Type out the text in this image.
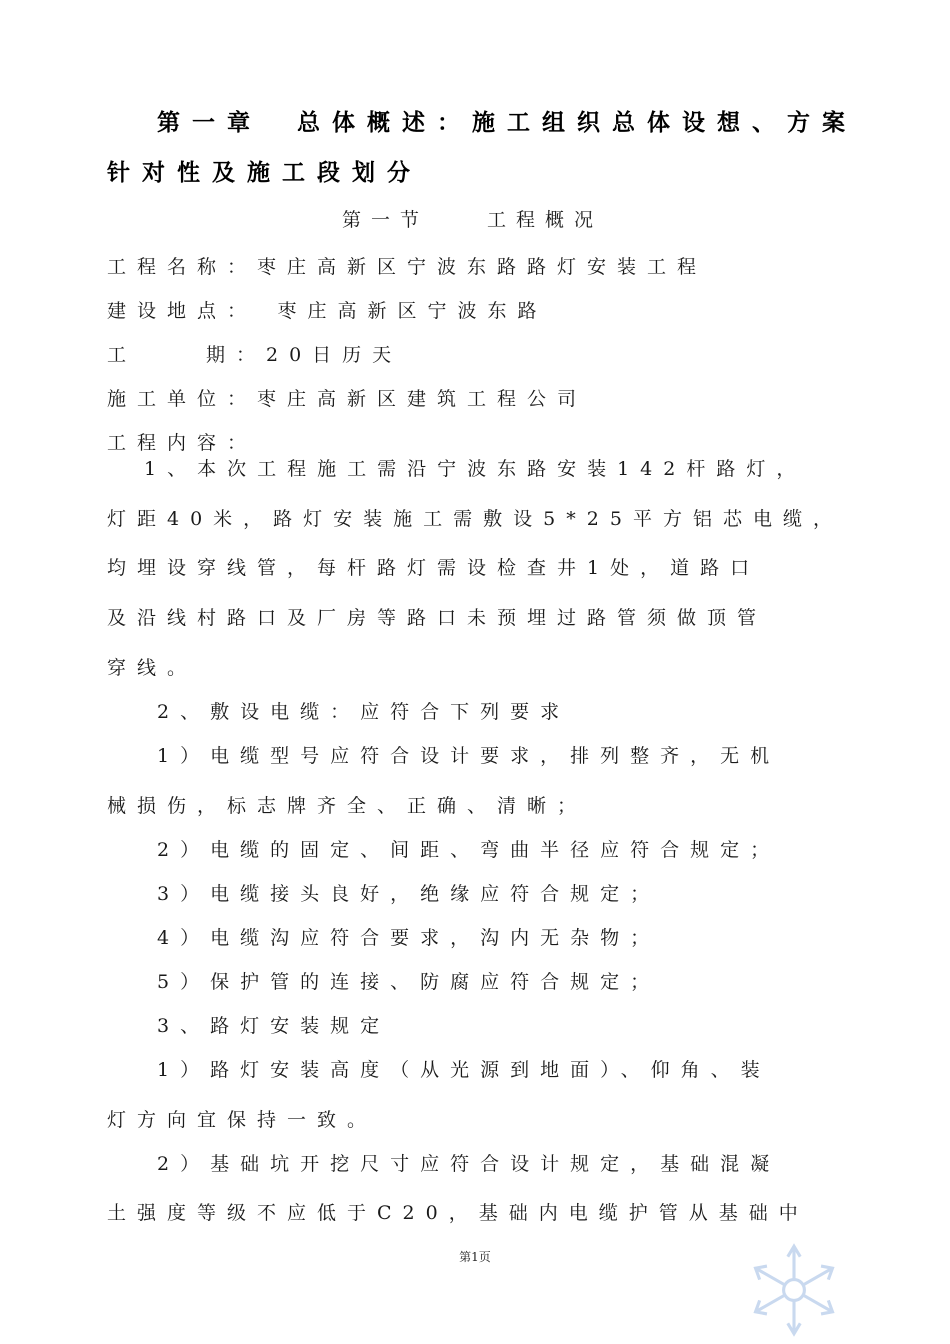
第一章　总体概述：施工组织总体设想、方案
针对性及施工段划分
第一节　　工程概况
工程名称：枣庄高新区宁波东路路灯安装工程
建设地点：　枣庄高新区宁波东路
工	期：20日历天
施工单位：枣庄高新区建筑工程公司
工程内容：
1、本次工程施工需沿宁波东路安装142杆路灯，
灯距40米，路灯安装施工需敷设5*25平方铝芯电缆，
均埋设穿线管，每杆路灯需设检查井1处，道路口
及沿线村路口及厂房等路口未预埋过路管须做顶管
穿线。
2、敷设电缆：应符合下列要求
1）电缆型号应符合设计要求，排列整齐，无机
械损伤，标志牌齐全、正确、清晰；
2）电缆的固定、间距、弯曲半径应符合规定；
3）电缆接头良好，绝缘应符合规定；
4）电缆沟应符合要求，沟内无杂物；
5）保护管的连接、防腐应符合规定；
3、路灯安装规定
1）路灯安装高度（从光源到地面）、仰角、装
灯方向宜保持一致。
2）基础坑开挖尺寸应符合设计规定，基础混凝
土强度等级不应低于C20，基础内电缆护管从基础中
第1页
